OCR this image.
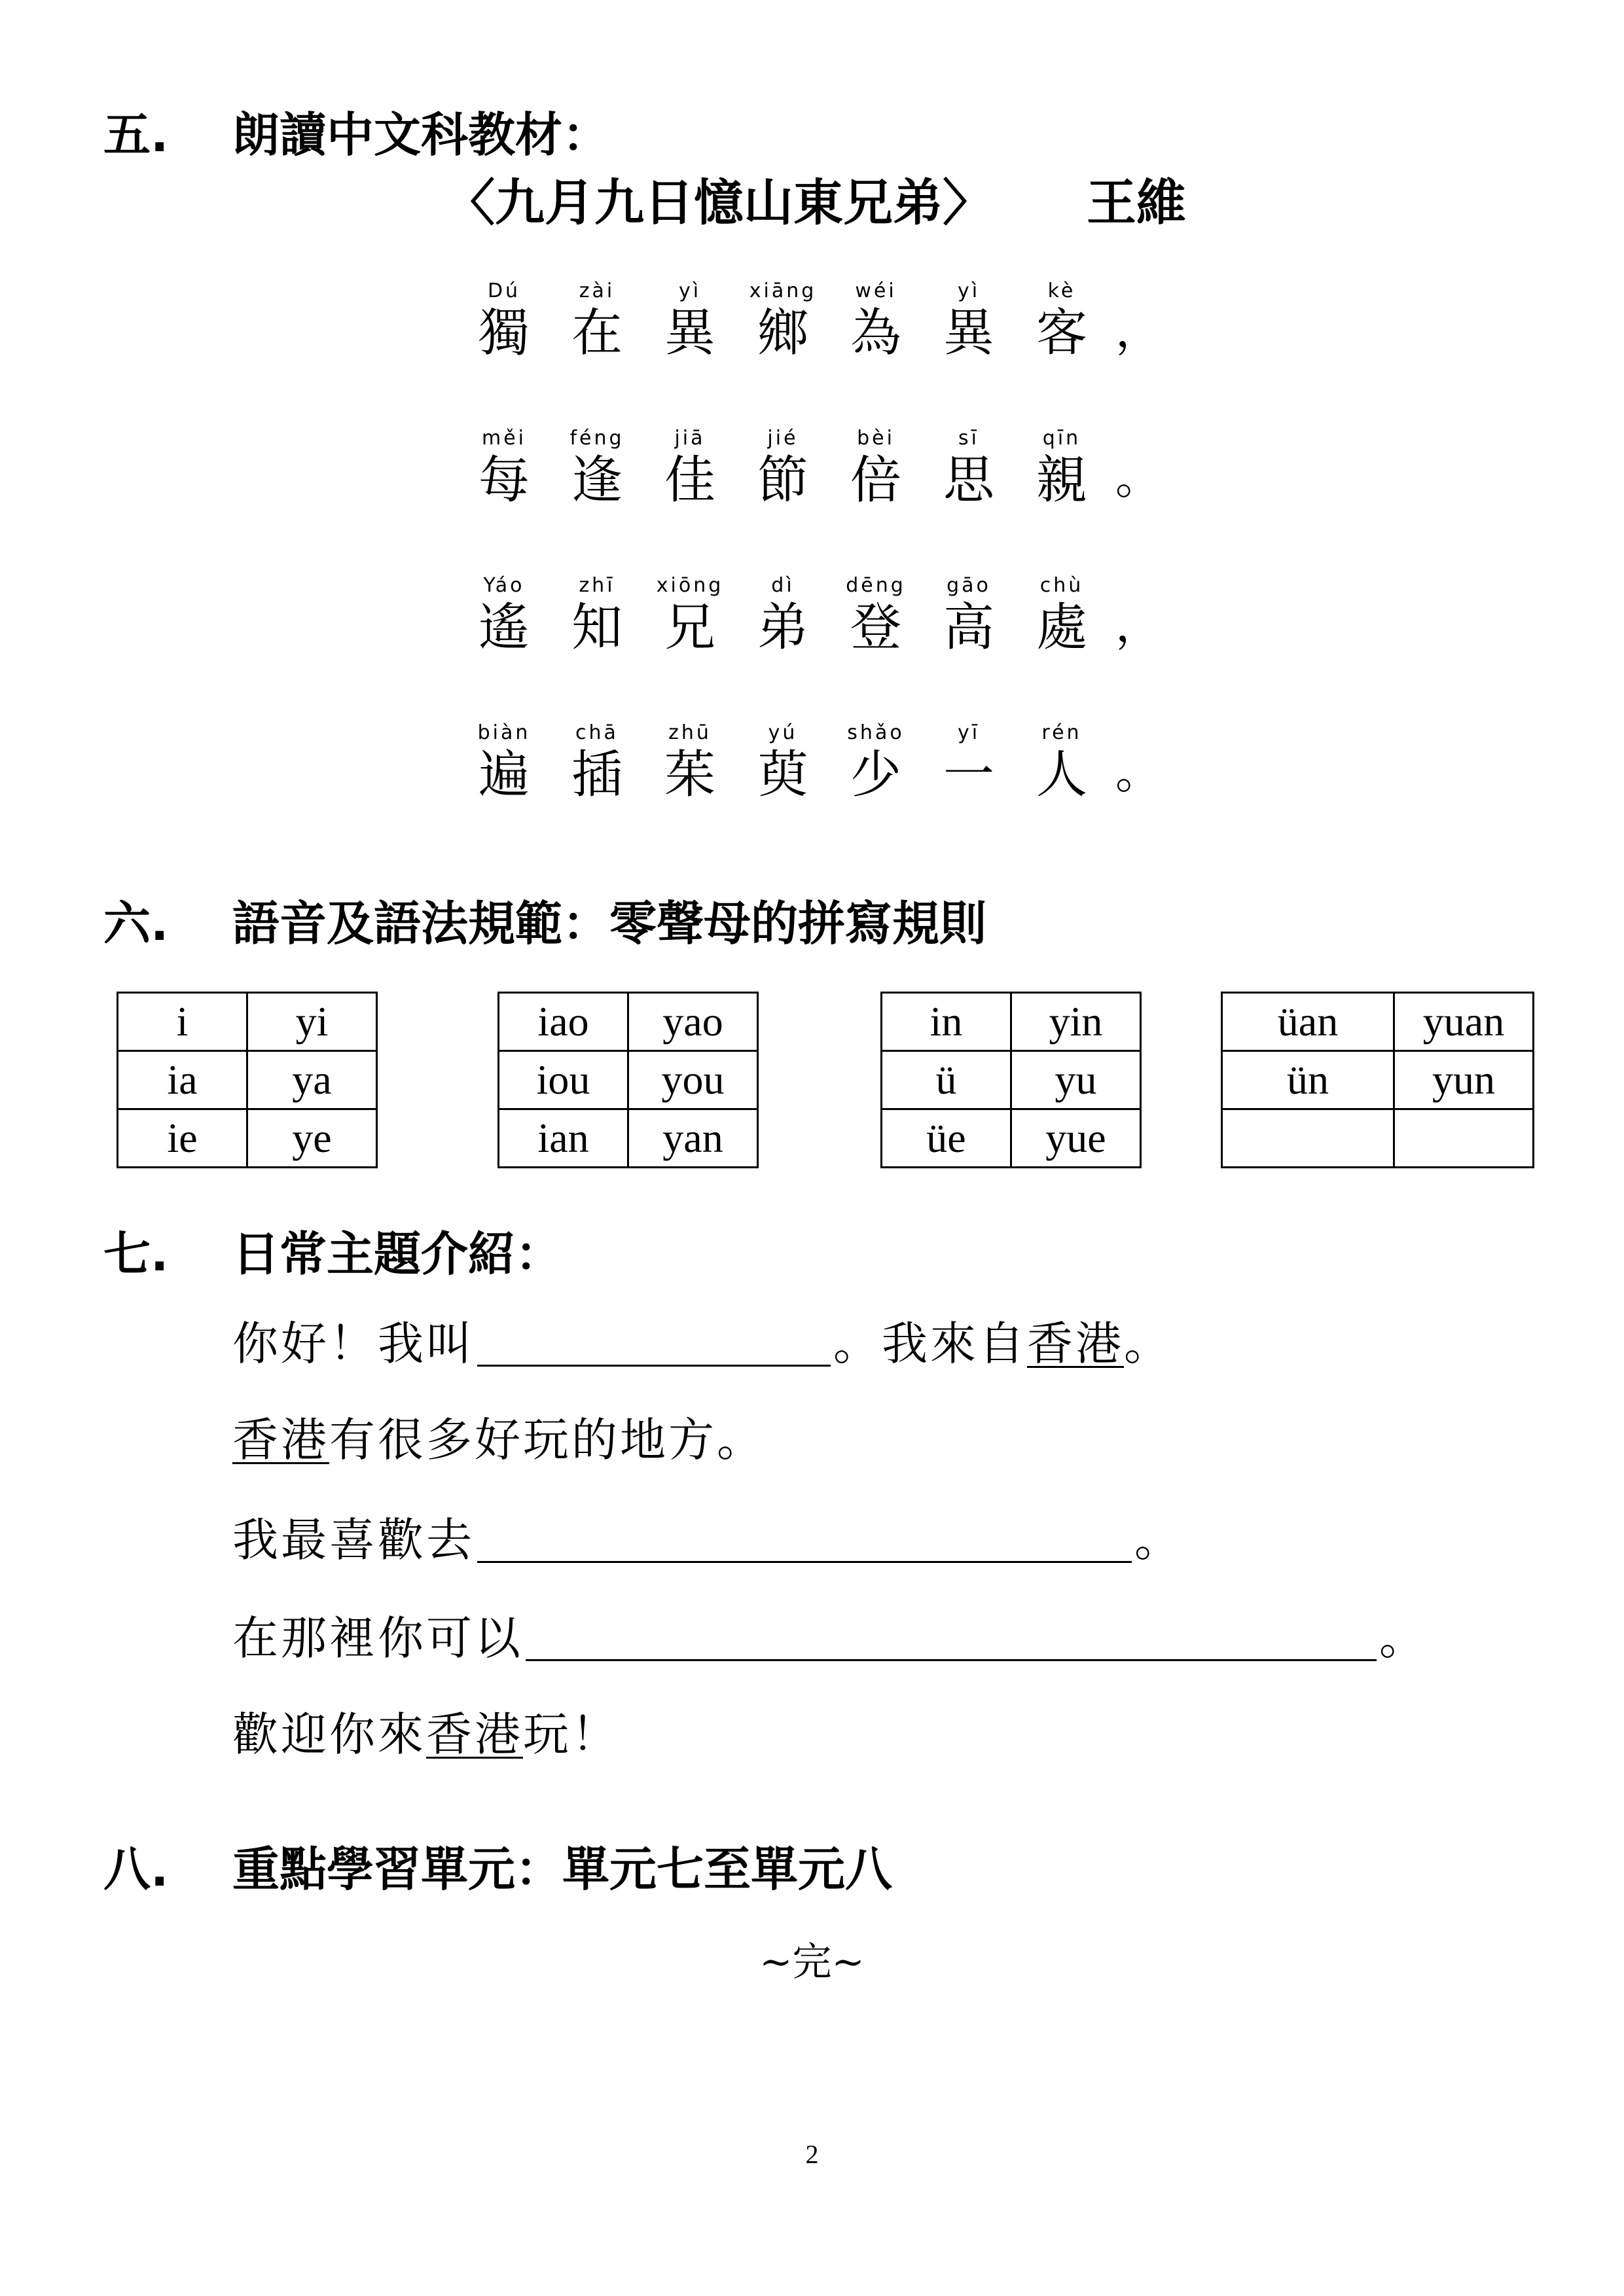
五. 朗讀中文科教材：
〈九月九日憶山東兄弟〉 王維
Dú
獨
zài
在
yì
異
xiāng
鄉
wéi
為
yì
異
kè
客 ，
měi
每
féng
逢
jiā
佳
jié
節
bèi
倍
sī
思
qīn
親 。
Yáo
遙
zhī
知
xiōng
兄
dì
弟
dēng
登
gāo
高
chù
處 ，
biàn
遍
chā
插
zhū
茱
yú
萸
shǎo
少
yī
一
rén
人 。
六. 語音及語法規範：零聲母的拼寫規則
i	yi
ia	ya
ie	ye
iao	yao
iou	you
ian	yan
in	yin
ü	yu
üe	yue
üan	yuan
ün	yun

七. 日常主題介紹：
你好！我叫	。我來自香港。
香港有很多好玩的地方。
我最喜歡去	。
在那裡你可以	。
歡迎你來香港玩！
八. 重點學習單元：單元七至單元八
~完~
2
